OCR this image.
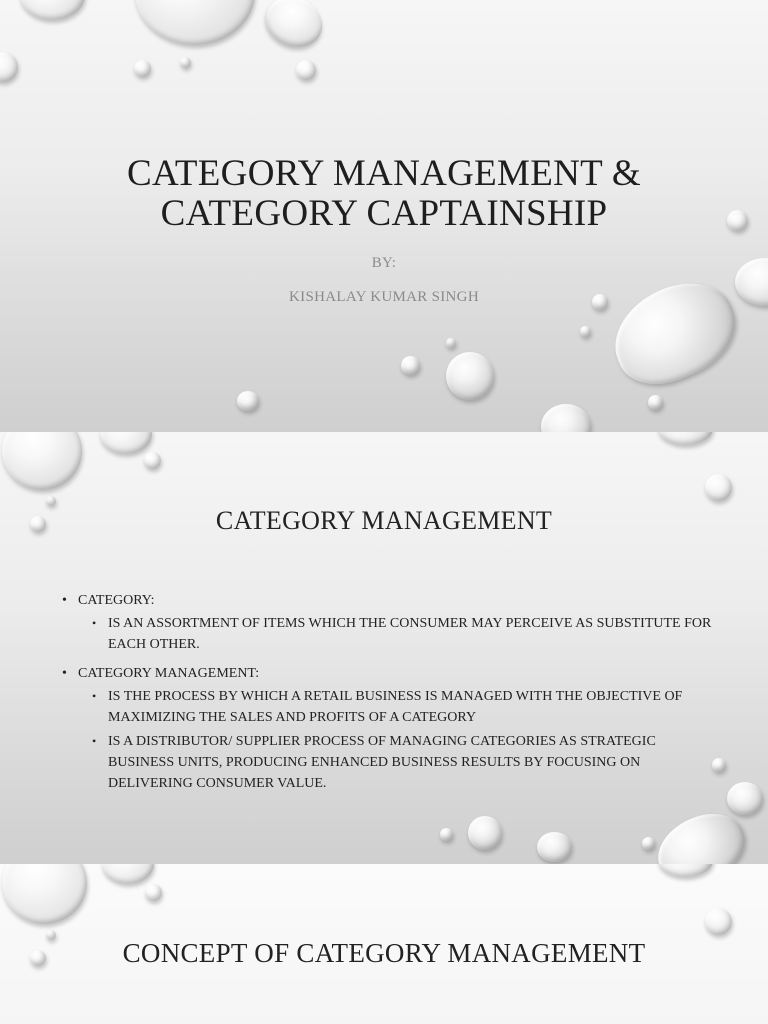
CATEGORY MANAGEMENT &
CATEGORY CAPTAINSHIP
BY:
KISHALAY KUMAR SINGH
CATEGORY MANAGEMENT
• CATEGORY:
• IS AN ASSORTMENT OF ITEMS WHICH THE CONSUMER MAY PERCEIVE AS SUBSTITUTE FOR EACH OTHER.
• CATEGORY MANAGEMENT:
• IS THE PROCESS BY WHICH A RETAIL BUSINESS IS MANAGED WITH THE OBJECTIVE OF MAXIMIZING THE SALES AND PROFITS OF A CATEGORY
• IS A DISTRIBUTOR/ SUPPLIER PROCESS OF MANAGING CATEGORIES AS STRATEGIC BUSINESS UNITS, PRODUCING ENHANCED BUSINESS RESULTS BY FOCUSING ON DELIVERING CONSUMER VALUE.
CONCEPT OF CATEGORY MANAGEMENT
